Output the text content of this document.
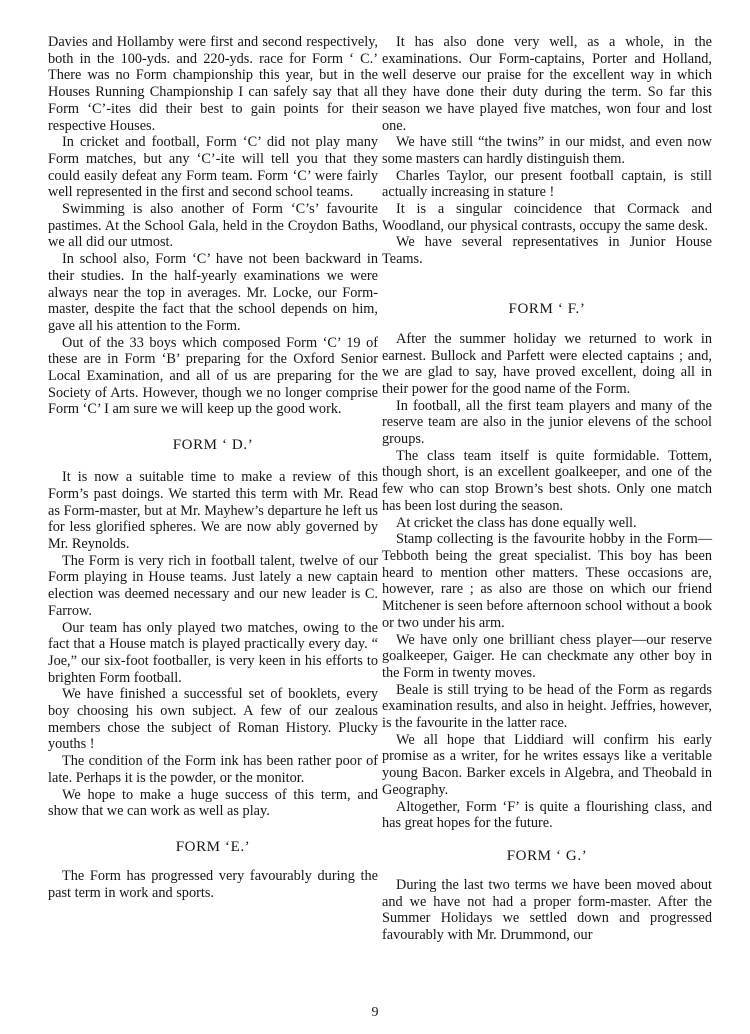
Davies and Hollamby were first and second respectively, both in the 100-yds. and 220-yds. race for Form ‘ C.’ There was no Form championship this year, but in the Houses Running Championship I can safely say that all Form ‘C’-ites did their best to gain points for their respective Houses.

In cricket and football, Form ‘C’ did not play many Form matches, but any ‘C’-ite will tell you that they could easily defeat any Form team. Form ‘C’ were fairly well represented in the first and second school teams.

Swimming is also another of Form ‘C’s’ favourite pastimes. At the School Gala, held in the Croydon Baths, we all did our utmost.

In school also, Form ‘C’ have not been backward in their studies. In the half-yearly examinations we were always near the top in averages. Mr. Locke, our Form-master, despite the fact that the school depends on him, gave all his attention to the Form.

Out of the 33 boys which composed Form ‘C’ 19 of these are in Form ‘B’ preparing for the Oxford Senior Local Examination, and all of us are preparing for the Society of Arts. However, though we no longer comprise Form ‘C’ I am sure we will keep up the good work.

FORM ‘ D.’

It is now a suitable time to make a review of this Form’s past doings. We started this term with Mr. Read as Form-master, but at Mr. Mayhew’s departure he left us for less glorified spheres. We are now ably governed by Mr. Reynolds.

The Form is very rich in football talent, twelve of our Form playing in House teams. Just lately a new captain election was deemed necessary and our new leader is C. Farrow.

Our team has only played two matches, owing to the fact that a House match is played practically every day. “ Joe,” our six-foot footballer, is very keen in his efforts to brighten Form football.

We have finished a successful set of booklets, every boy choosing his own subject. A few of our zealous members chose the subject of Roman History. Plucky youths !

The condition of the Form ink has been rather poor of late. Perhaps it is the powder, or the monitor.

We hope to make a huge success of this term, and show that we can work as well as play.

FORM ‘E.’

The Form has progressed very favourably during the past term in work and sports.

It has also done very well, as a whole, in the examinations. Our Form-captains, Porter and Holland, well deserve our praise for the excellent way in which they have done their duty during the term. So far this season we have played five matches, won four and lost one.

We have still “the twins” in our midst, and even now some masters can hardly distinguish them.

Charles Taylor, our present football captain, is still actually increasing in stature !

It is a singular coincidence that Cormack and Woodland, our physical contrasts, occupy the same desk.

We have several representatives in Junior House Teams.

FORM ‘ F.’

After the summer holiday we returned to work in earnest. Bullock and Parfett were elected captains ; and, we are glad to say, have proved excellent, doing all in their power for the good name of the Form.

In football, all the first team players and many of the reserve team are also in the junior elevens of the school groups.

The class team itself is quite formidable. Tottem, though short, is an excellent goalkeeper, and one of the few who can stop Brown’s best shots. Only one match has been lost during the season.

At cricket the class has done equally well.

Stamp collecting is the favourite hobby in the Form—Tebboth being the great specialist. This boy has been heard to mention other matters. These occasions are, however, rare ; as also are those on which our friend Mitchener is seen before afternoon school without a book or two under his arm.

We have only one brilliant chess player—our reserve goalkeeper, Gaiger. He can checkmate any other boy in the Form in twenty moves.

Beale is still trying to be head of the Form as regards examination results, and also in height. Jeffries, however, is the favourite in the latter race.

We all hope that Liddiard will confirm his early promise as a writer, for he writes essays like a veritable young Bacon. Barker excels in Algebra, and Theobald in Geography.

Altogether, Form ‘F’ is quite a flourishing class, and has great hopes for the future.

FORM ‘ G.’

During the last two terms we have been moved about and we have not had a proper form-master. After the Summer Holidays we settled down and progressed favourably with Mr. Drummond, our

9
